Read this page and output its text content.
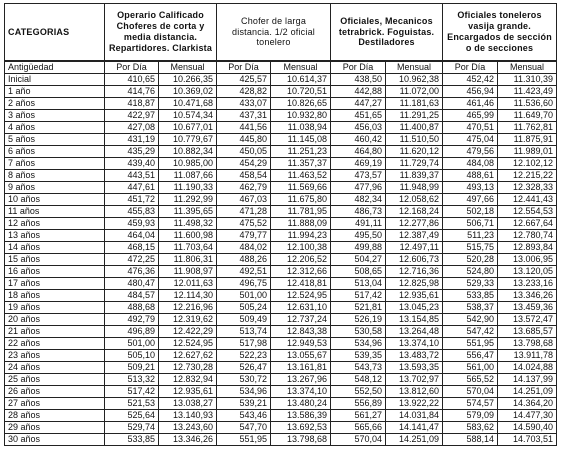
CATEGORIAS	Operario Calificado
Choferes de corta y
media distancia.
Repartidores. Clarkista		Chofer de larga
distancia. 1/2 oficial
tonelero		Oficiales, Mecanicos
tetrabrick. Foguistas.
Destiladores		Oficiales toneleros
vasija grande.
Encargados de sección
o de secciones	
Antigüedad	Por Día	Mensual	Por Día	Mensual	Por Día	Mensual	Por Día	Mensual
Inicial	410,65	10.266,35	425,57	10.614,37	438,50	10.962,38	452,42	11.310,39
1 año	414,76	10.369,02	428,82	10.720,51	442,88	11.072,00	456,94	11.423,49
2 años	418,87	10.471,68	433,07	10.826,65	447,27	11.181,63	461,46	11.536,60
3 años	422,97	10.574,34	437,31	10.932,80	451,65	11.291,25	465,99	11.649,70
4 años	427,08	10.677,01	441,56	11.038,94	456,03	11.400,87	470,51	11.762,81
5 años	431,19	10.779,67	445,80	11.145,08	460,42	11.510,50	475,04	11.875,91
6 años	435,29	10.882,34	450,05	11.251,23	464,80	11.620,12	479,56	11.989,01
7 años	439,40	10.985,00	454,29	11.357,37	469,19	11.729,74	484,08	12.102,12
8 años	443,51	11.087,66	458,54	11.463,52	473,57	11.839,37	488,61	12.215,22
9 años	447,61	11.190,33	462,79	11.569,66	477,96	11.948,99	493,13	12.328,33
10 años	451,72	11.292,99	467,03	11.675,80	482,34	12.058,62	497,66	12.441,43
11 años	455,83	11.395,65	471,28	11.781,95	486,73	12.168,24	502,18	12.554,53
12 años	459,93	11.498,32	475,52	11.888,09	491,11	12.277,86	506,71	12.667,64
13 años	464,04	11.600,98	479,77	11.994,23	495,50	12.387,49	511,23	12.780,74
14 años	468,15	11.703,64	484,02	12.100,38	499,88	12.497,11	515,75	12.893,84
15 años	472,25	11.806,31	488,26	12.206,52	504,27	12.606,73	520,28	13.006,95
16 años	476,36	11.908,97	492,51	12.312,66	508,65	12.716,36	524,80	13.120,05
17 años	480,47	12.011,63	496,75	12.418,81	513,04	12.825,98	529,33	13.233,16
18 años	484,57	12.114,30	501,00	12.524,95	517,42	12.935,61	533,85	13.346,26
19 años	488,68	12.216,96	505,24	12.631,10	521,81	13.045,23	538,37	13.459,36
20 años	492,79	12.319,62	509,49	12.737,24	526,19	13.154,85	542,90	13.572,47
21 años	496,89	12.422,29	513,74	12.843,38	530,58	13.264,48	547,42	13.685,57
22 años	501,00	12.524,95	517,98	12.949,53	534,96	13.374,10	551,95	13.798,68
23 años	505,10	12.627,62	522,23	13.055,67	539,35	13.483,72	556,47	13.911,78
24 años	509,21	12.730,28	526,47	13.161,81	543,73	13.593,35	561,00	14.024,88
25 años	513,32	12.832,94	530,72	13.267,96	548,12	13.702,97	565,52	14.137,99
26 años	517,42	12.935,61	534,96	13.374,10	552,50	13.812,60	570,04	14.251,09
27 años	521,53	13.038,27	539,21	13.480,24	556,89	13.922,22	574,57	14.364,20
28 años	525,64	13.140,93	543,46	13.586,39	561,27	14.031,84	579,09	14.477,30
29 años	529,74	13.243,60	547,70	13.692,53	565,66	14.141,47	583,62	14.590,40
30 años	533,85	13.346,26	551,95	13.798,68	570,04	14.251,09	588,14	14.703,51
